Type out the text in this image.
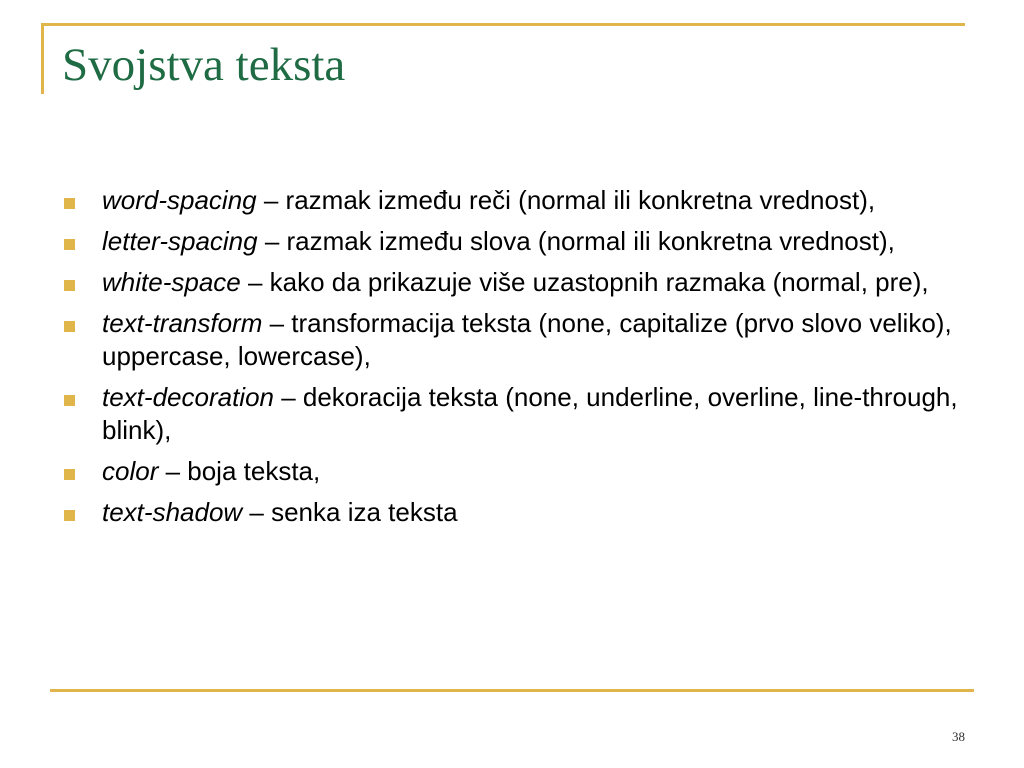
Svojstva teksta
word-spacing – razmak između reči (normal ili konkretna vrednost),
letter-spacing – razmak između slova (normal ili konkretna vrednost),
white-space – kako da prikazuje više uzastopnih razmaka (normal, pre),
text-transform – transformacija teksta (none, capitalize (prvo slovo veliko), uppercase, lowercase),
text-decoration – dekoracija teksta (none, underline, overline, line-through, blink),
color – boja teksta,
text-shadow – senka iza teksta
38
